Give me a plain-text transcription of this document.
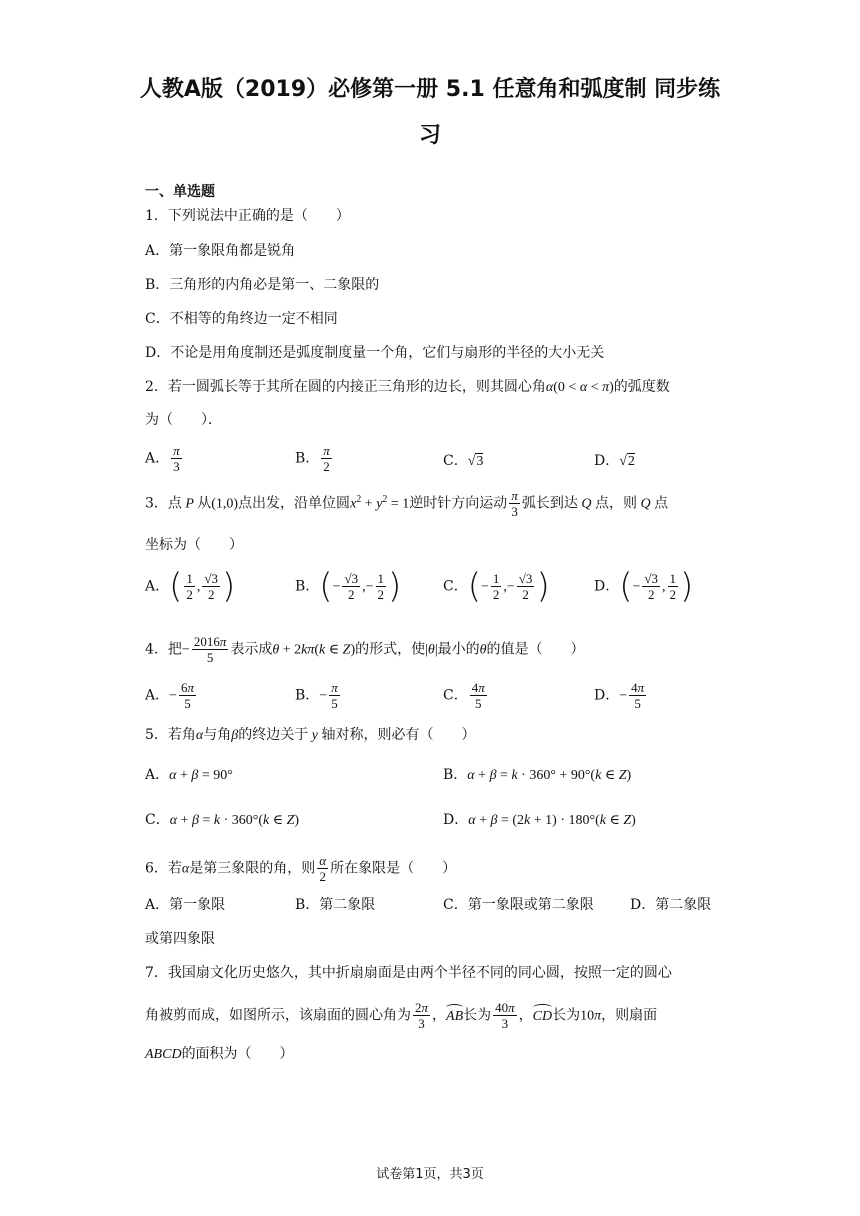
人教A版（2019）必修第一册 5.1 任意角和弧度制 同步练
习
一、单选题
1．下列说法中正确的是（　　）
A．第一象限角都是锐角
B．三角形的内角必是第一、二象限的
C．不相等的角终边一定不相同
D．不论是用角度制还是弧度制度量一个角，它们与扇形的半径的大小无关
2．若一圆弧长等于其所在圆的内接正三角形的边长，则其圆心角α(0 < α < π)的弧度数
为（　　）．
A． $\frac{\pi}{3}$	B． $\frac{\pi}{2}$	C．√3	D．√2
3．点 P 从(1,0)点出发，沿单位圆$x^2 + y^2 = 1$逆时针方向运动 $\frac{\pi}{3}$ 弧长到达 Q 点，则 Q 点
坐标为（　　）
A．( $\frac{1}{2}$ , $\frac{√3}{2}$ )	B．(− $\frac{√3}{2}$ ,− $\frac{1}{2}$ )	C．(− $\frac{1}{2}$ ,− $\frac{√3}{2}$ )	D．(− $\frac{√3}{2}$ , $\frac{1}{2}$ )
4．把− $\frac{2016\pi}{5}$ 表示成θ + 2kπ(k ∈ Z)的形式，使|θ|最小的θ的值是（　　）
A．− $\frac{6\pi}{5}$	B．− $\frac{\pi}{5}$	C． $\frac{4\pi}{5}$	D．− $\frac{4\pi}{5}$
5．若角α与角β的终边关于 y 轴对称，则必有（　　）
A．α + β = 90°	B．α + β = k · 360° + 90°(k ∈ Z)
C．α + β = k · 360°(k ∈ Z)	D．α + β = (2k + 1) · 180°(k ∈ Z)
6．若α是第三象限的角，则 $\frac{\alpha}{2}$ 所在象限是（　　）
A．第一象限	B．第二象限	C．第一象限或第二象限	D．第二象限
或第四象限
7．我国扇文化历史悠久，其中折扇扇面是由两个半径不同的同心圆，按照一定的圆心
角被剪而成，如图所示，该扇面的圆心角为 $\frac{2\pi}{3}$ ，AB长为 $\frac{40\pi}{3}$ ，CD长为10π，则扇面
ABCD的面积为（　　）
试卷第1页，共3页
